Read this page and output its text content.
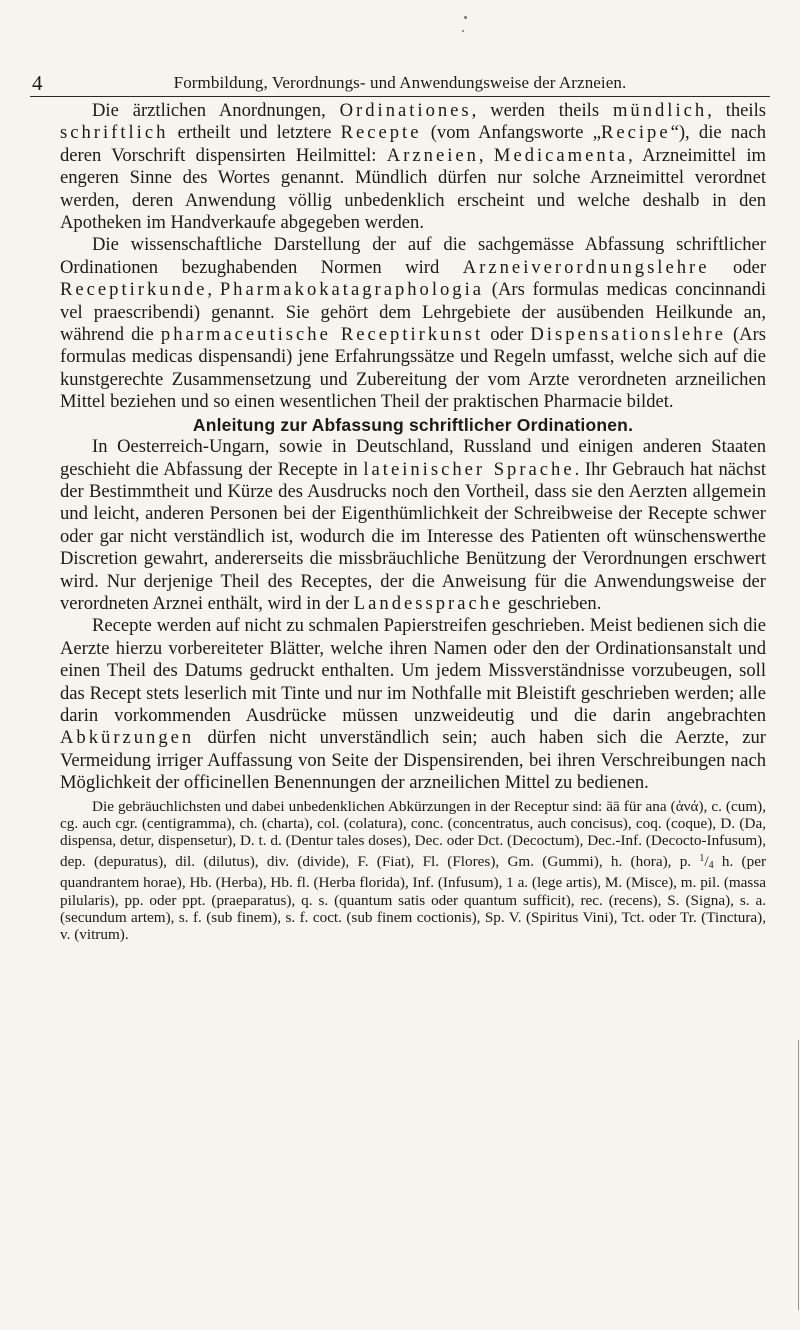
4	Formbildung, Verordnungs- und Anwendungsweise der Arzneien.

Die ärztlichen Anordnungen, Ordinationes, werden theils mündlich, theils schriftlich ertheilt und letztere Recepte (vom Anfangsworte „Recipe“), die nach deren Vorschrift dispensirten Heilmittel: Arzneien, Medicamenta, Arzneimittel im engeren Sinne des Wortes genannt. Mündlich dürfen nur solche Arzneimittel verordnet werden, deren Anwendung völlig unbedenklich erscheint und welche deshalb in den Apotheken im Handverkaufe abgegeben werden.

Die wissenschaftliche Darstellung der auf die sachgemässe Abfassung schriftlicher Ordinationen bezughabenden Normen wird Arzneiverordnungslehre oder Receptirkunde, Pharmakokatagraphologia (Ars formulas medicas concinnandi vel praescribendi) genannt. Sie gehört dem Lehrgebiete der ausübenden Heilkunde an, während die pharmaceutische Receptirkunst oder Dispensationslehre (Ars formulas medicas dispensandi) jene Erfahrungssätze und Regeln umfasst, welche sich auf die kunstgerechte Zusammensetzung und Zubereitung der vom Arzte verordneten arzneilichen Mittel beziehen und so einen wesentlichen Theil der praktischen Pharmacie bildet.

Anleitung zur Abfassung schriftlicher Ordinationen.

In Oesterreich-Ungarn, sowie in Deutschland, Russland und einigen anderen Staaten geschieht die Abfassung der Recepte in lateinischer Sprache. Ihr Gebrauch hat nächst der Bestimmtheit und Kürze des Ausdrucks noch den Vortheil, dass sie den Aerzten allgemein und leicht, anderen Personen bei der Eigenthümlichkeit der Schreibweise der Recepte schwer oder gar nicht verständlich ist, wodurch die im Interesse des Patienten oft wünschenswerthe Discretion gewahrt, andererseits die missbräuchliche Benützung der Verordnungen erschwert wird. Nur derjenige Theil des Receptes, der die Anweisung für die Anwendungsweise der verordneten Arznei enthält, wird in der Landessprache geschrieben.

Recepte werden auf nicht zu schmalen Papierstreifen geschrieben. Meist bedienen sich die Aerzte hierzu vorbereiteter Blätter, welche ihren Namen oder den der Ordinationsanstalt und einen Theil des Datums gedruckt enthalten. Um jedem Missverständnisse vorzubeugen, soll das Recept stets leserlich mit Tinte und nur im Nothfalle mit Bleistift geschrieben werden; alle darin vorkommenden Ausdrücke müssen unzweideutig und die darin angebrachten Abkürzungen dürfen nicht unverständlich sein; auch haben sich die Aerzte, zur Vermeidung irriger Auffassung von Seite der Dispensirenden, bei ihren Verschreibungen nach Möglichkeit der officinellen Benennungen der arzneilichen Mittel zu bedienen.

Die gebräuchlichsten und dabei unbedenklichen Abkürzungen in der Receptur sind: āā für ana (ἀνά), c. (cum), cg. auch cgr. (centigramma), ch. (charta), col. (colatura), conc. (concentratus, auch concisus), coq. (coque), D. (Da, dispensa, detur, dispensetur), D. t. d. (Dentur tales doses), Dec. oder Dct. (Decoctum), Dec.-Inf. (Decocto-Infusum), dep. (depuratus), dil. (dilutus), div. (divide), F. (Fiat), Fl. (Flores), Gm. (Gummi), h. (hora), p. $^1$/4 h. (per quandrantem horae), Hb. (Herba), Hb. fl. (Herba florida), Inf. (Infusum), 1 a. (lege artis), M. (Misce), m. pil. (massa pilularis), pp. oder ppt. (praeparatus), q. s. (quantum satis oder quantum sufficit), rec. (recens), S. (Signa), s. a. (secundum artem), s. f. (sub finem), s. f. coct. (sub finem coctionis), Sp. V. (Spiritus Vini), Tct. oder Tr. (Tinctura), v. (vitrum).
